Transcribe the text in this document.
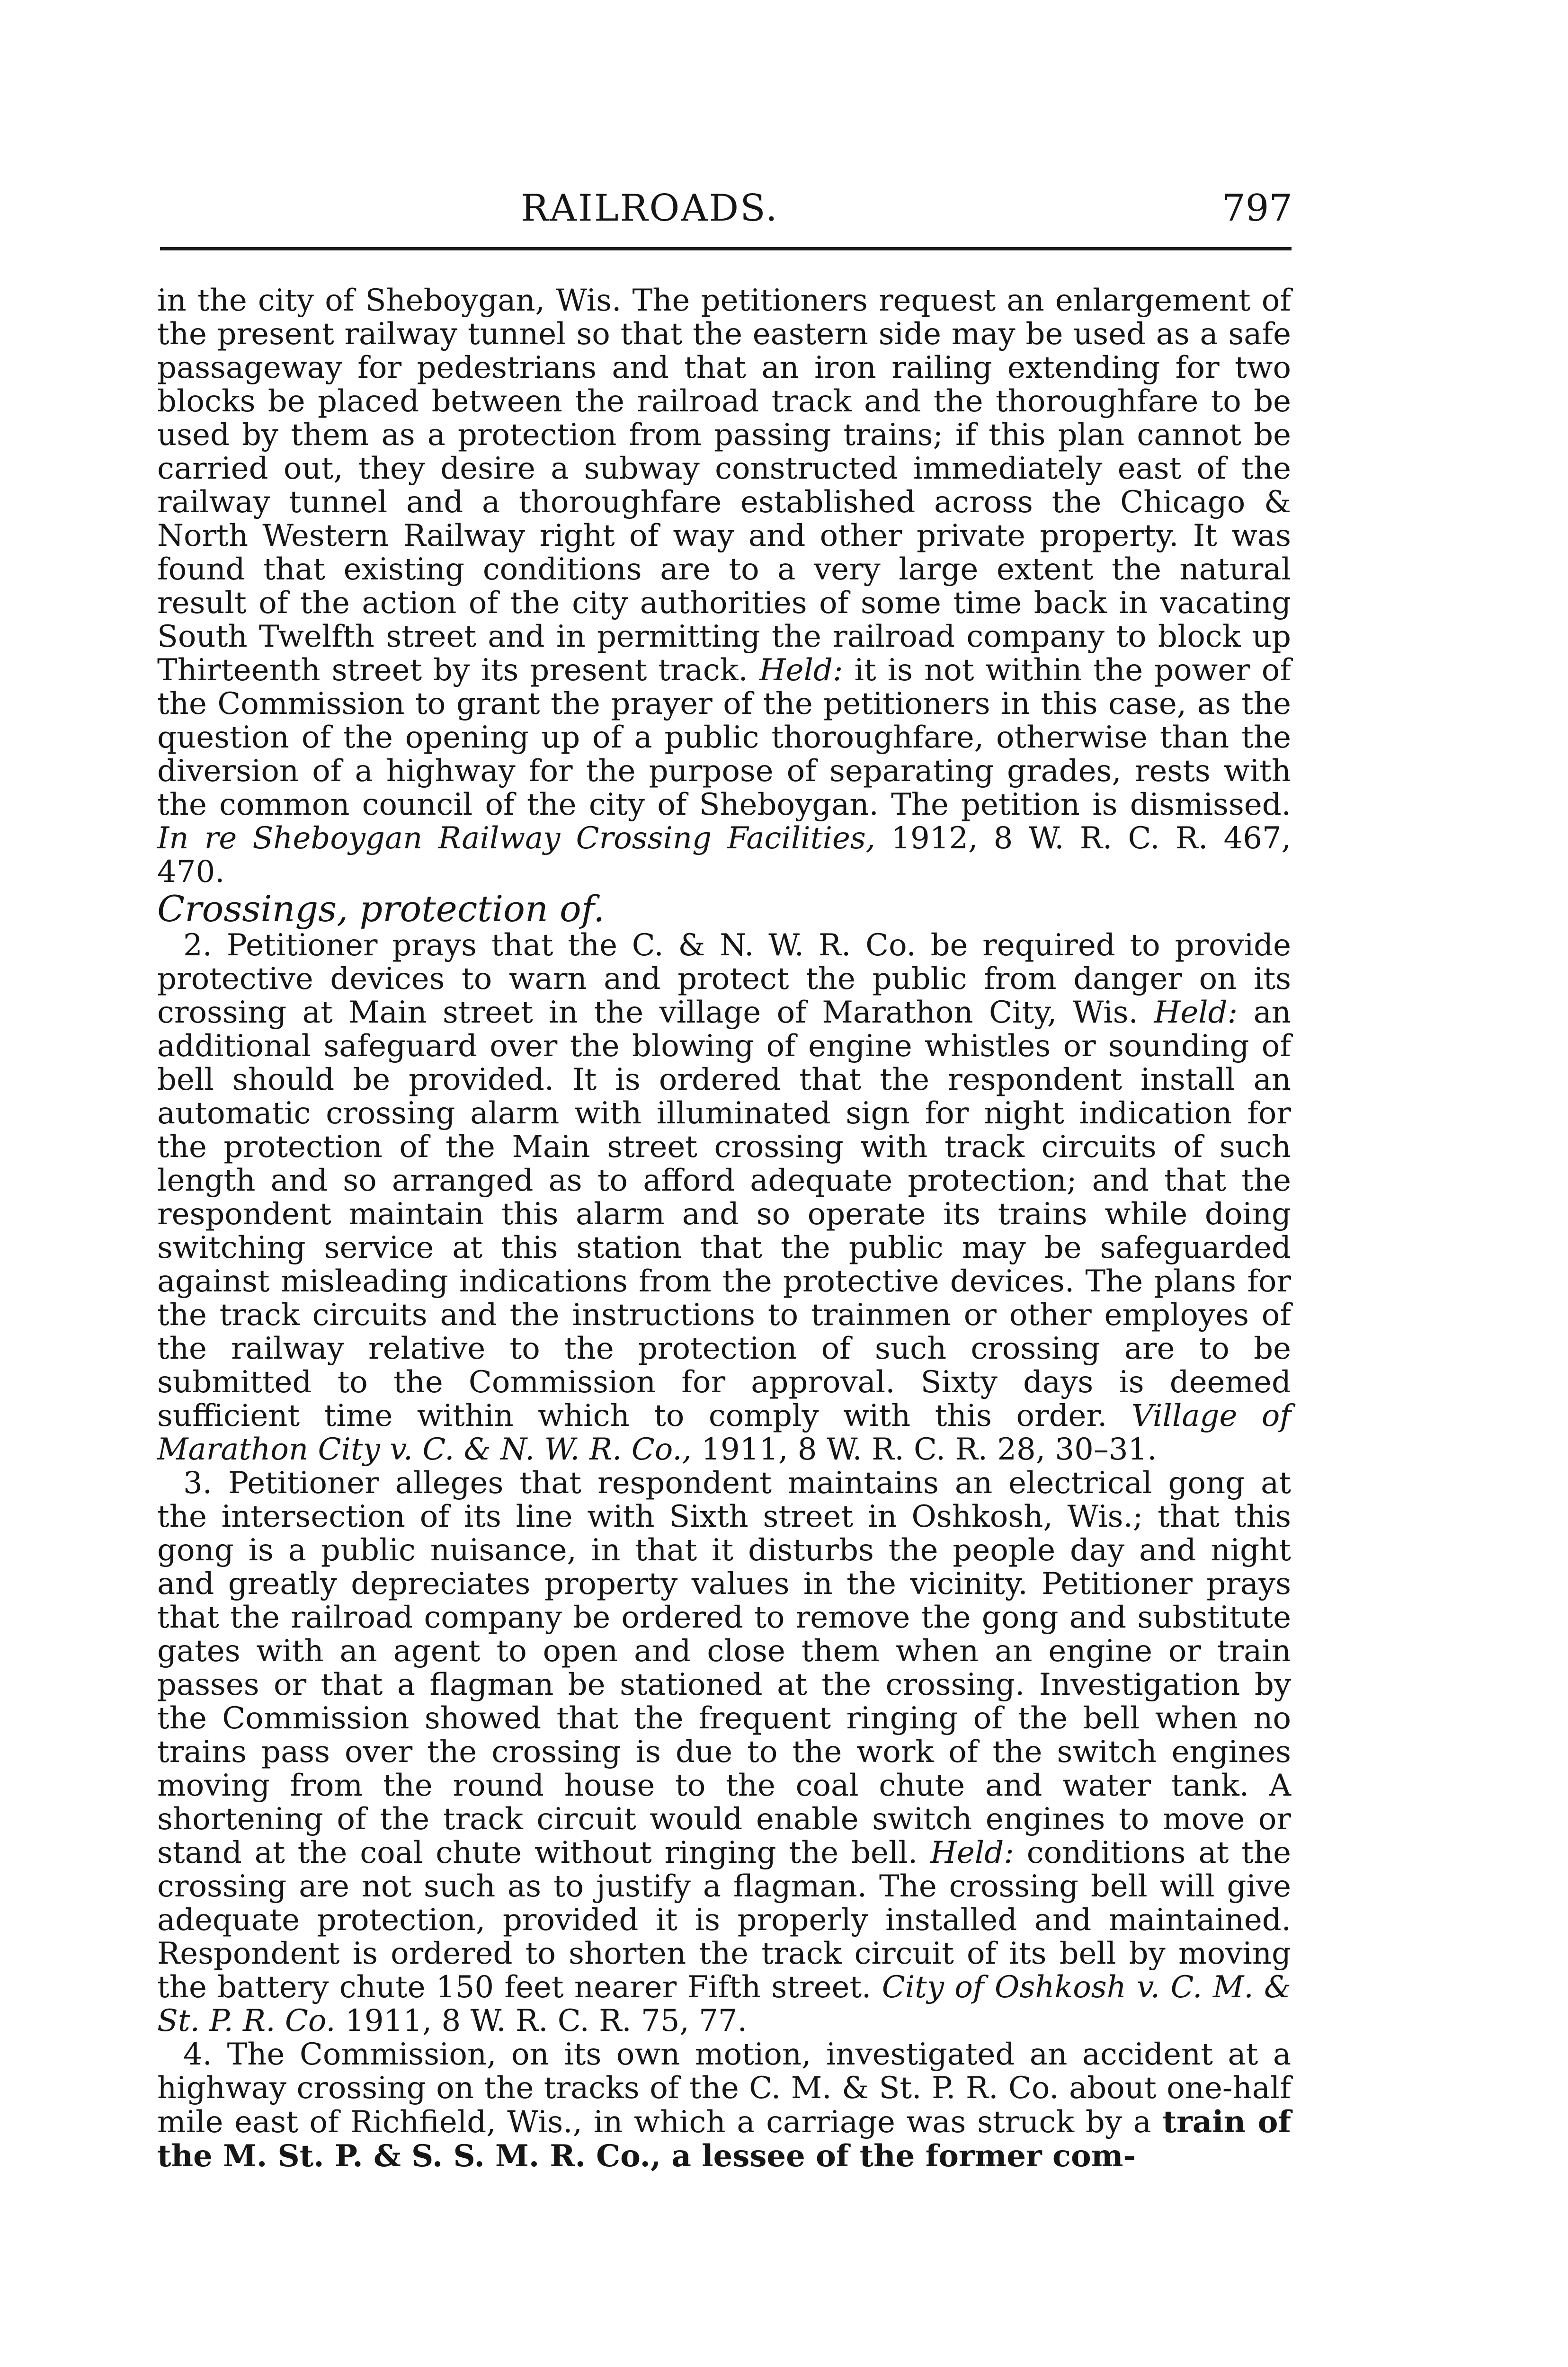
RAILROADS.	797

in the city of Sheboygan, Wis. The petitioners request an enlargement of the present railway tunnel so that the eastern side may be used as a safe passageway for pedestrians and that an iron railing extending for two blocks be placed between the railroad track and the thoroughfare to be used by them as a protection from passing trains; if this plan cannot be carried out, they desire a subway constructed immediately east of the railway tunnel and a thoroughfare established across the Chicago & North Western Railway right of way and other private property. It was found that existing conditions are to a very large extent the natural result of the action of the city authorities of some time back in vacating South Twelfth street and in permitting the railroad company to block up Thirteenth street by its present track. Held: it is not within the power of the Commission to grant the prayer of the petitioners in this case, as the question of the opening up of a public thoroughfare, otherwise than the diversion of a highway for the purpose of separating grades, rests with the common council of the city of Sheboygan. The petition is dismissed. In re Sheboygan Railway Crossing Facilities, 1912, 8 W. R. C. R. 467, 470.

Crossings, protection of.

2. Petitioner prays that the C. & N. W. R. Co. be required to provide protective devices to warn and protect the public from danger on its crossing at Main street in the village of Marathon City, Wis. Held: an additional safeguard over the blowing of engine whistles or sounding of bell should be provided. It is ordered that the respondent install an automatic crossing alarm with illuminated sign for night indication for the protection of the Main street crossing with track circuits of such length and so arranged as to afford adequate protection; and that the respondent maintain this alarm and so operate its trains while doing switching service at this station that the public may be safeguarded against misleading indications from the protective devices. The plans for the track circuits and the instructions to trainmen or other employes of the railway relative to the protection of such crossing are to be submitted to the Commission for approval. Sixty days is deemed sufficient time within which to comply with this order. Village of Marathon City v. C. & N. W. R. Co., 1911, 8 W. R. C. R. 28, 30–31.

3. Petitioner alleges that respondent maintains an electrical gong at the intersection of its line with Sixth street in Oshkosh, Wis.; that this gong is a public nuisance, in that it disturbs the people day and night and greatly depreciates property values in the vicinity. Petitioner prays that the railroad company be ordered to remove the gong and substitute gates with an agent to open and close them when an engine or train passes or that a flagman be stationed at the crossing. Investigation by the Commission showed that the frequent ringing of the bell when no trains pass over the crossing is due to the work of the switch engines moving from the round house to the coal chute and water tank. A shortening of the track circuit would enable switch engines to move or stand at the coal chute without ringing the bell. Held: conditions at the crossing are not such as to justify a flagman. The crossing bell will give adequate protection, provided it is properly installed and maintained. Respondent is ordered to shorten the track circuit of its bell by moving the battery chute 150 feet nearer Fifth street. City of Oshkosh v. C. M. & St. P. R. Co. 1911, 8 W. R. C. R. 75, 77.

4. The Commission, on its own motion, investigated an accident at a highway crossing on the tracks of the C. M. & St. P. R. Co. about one-half mile east of Richfield, Wis., in which a carriage was struck by a train of the M. St. P. & S. S. M. R. Co., a lessee of the former com-
